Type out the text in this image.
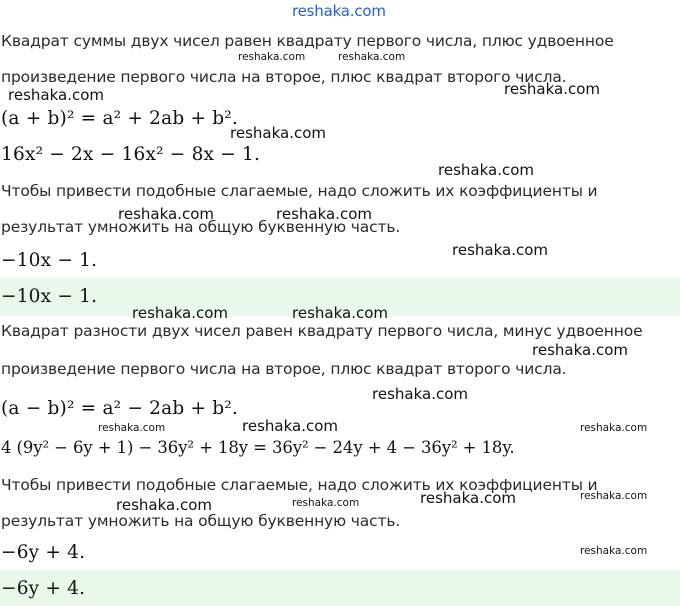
reshaka.com
Квадрат суммы двух чисел равен квадрату первого числа, плюс удвоенное
произведение первого числа на второе, плюс квадрат второго числа.
(a + b)² = a² + 2ab + b².
16x² − 2x − 16x² − 8x − 1.
Чтобы привести подобные слагаемые, надо сложить их коэффициенты и
результат умножить на общую буквенную часть.
−10x − 1.
−10x − 1.
Квадрат разности двух чисел равен квадрату первого числа, минус удвоенное
произведение первого числа на второе, плюс квадрат второго числа.
(a − b)² = a² − 2ab + b².
4 (9y² − 6y + 1) − 36y² + 18y = 36y² − 24y + 4 − 36y² + 18y.
Чтобы привести подобные слагаемые, надо сложить их коэффициенты и
результат умножить на общую буквенную часть.
−6y + 4.
−6y + 4.
reshaka.com	reshaka.com
reshaka.com	reshaka.com
reshaka.com
reshaka.com
reshaka.com	reshaka.com
reshaka.com
reshaka.com	reshaka.com
reshaka.com
reshaka.com
reshaka.com
reshaka.com	reshaka.com
reshaka.com
reshaka.com	reshaka.com
reshaka.com
reshaka.com
